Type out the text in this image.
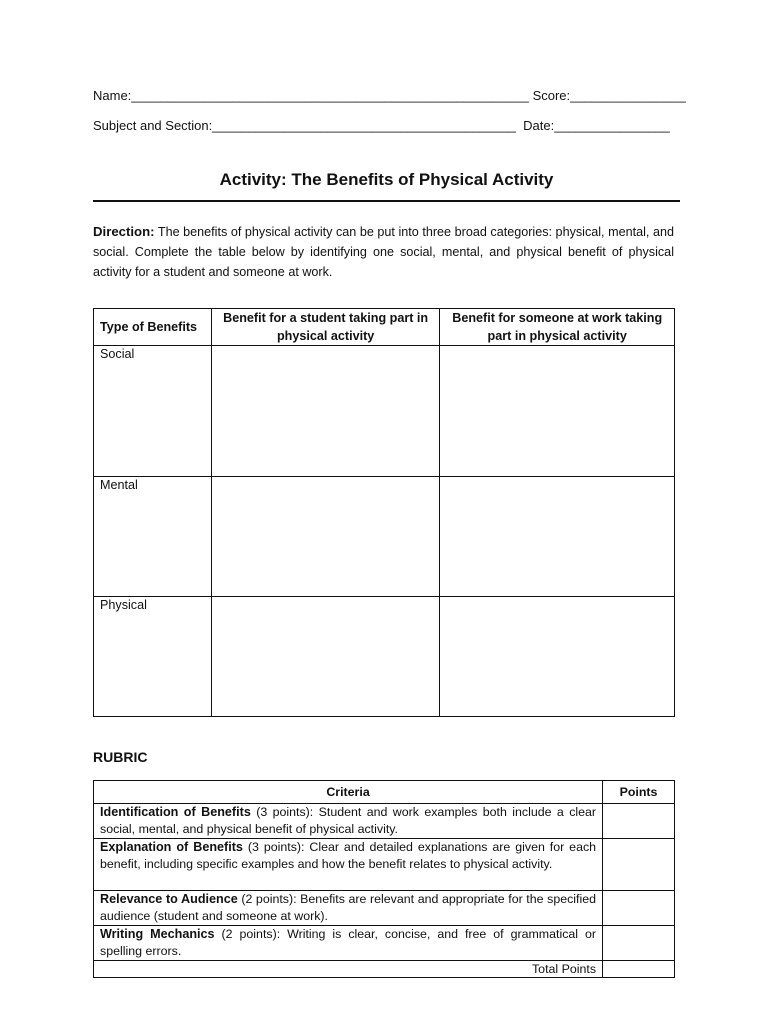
Name:_______________________________________________________ Score:________________
Subject and Section:__________________________________________ Date:________________
Activity: The Benefits of Physical Activity
Direction: The benefits of physical activity can be put into three broad categories: physical, mental, and social. Complete the table below by identifying one social, mental, and physical benefit of physical activity for a student and someone at work.
Type of Benefits	Benefit for a student taking part in physical activity	Benefit for someone at work taking part in physical activity
Social		
Mental		
Physical		
RUBRIC
Criteria	Points
Identification of Benefits (3 points): Student and work examples both include a clear social, mental, and physical benefit of physical activity.	
Explanation of Benefits (3 points): Clear and detailed explanations are given for each benefit, including specific examples and how the benefit relates to physical activity.	
Relevance to Audience (2 points): Benefits are relevant and appropriate for the specified audience (student and someone at work).	
Writing Mechanics (2 points): Writing is clear, concise, and free of grammatical or spelling errors.	
Total Points	
